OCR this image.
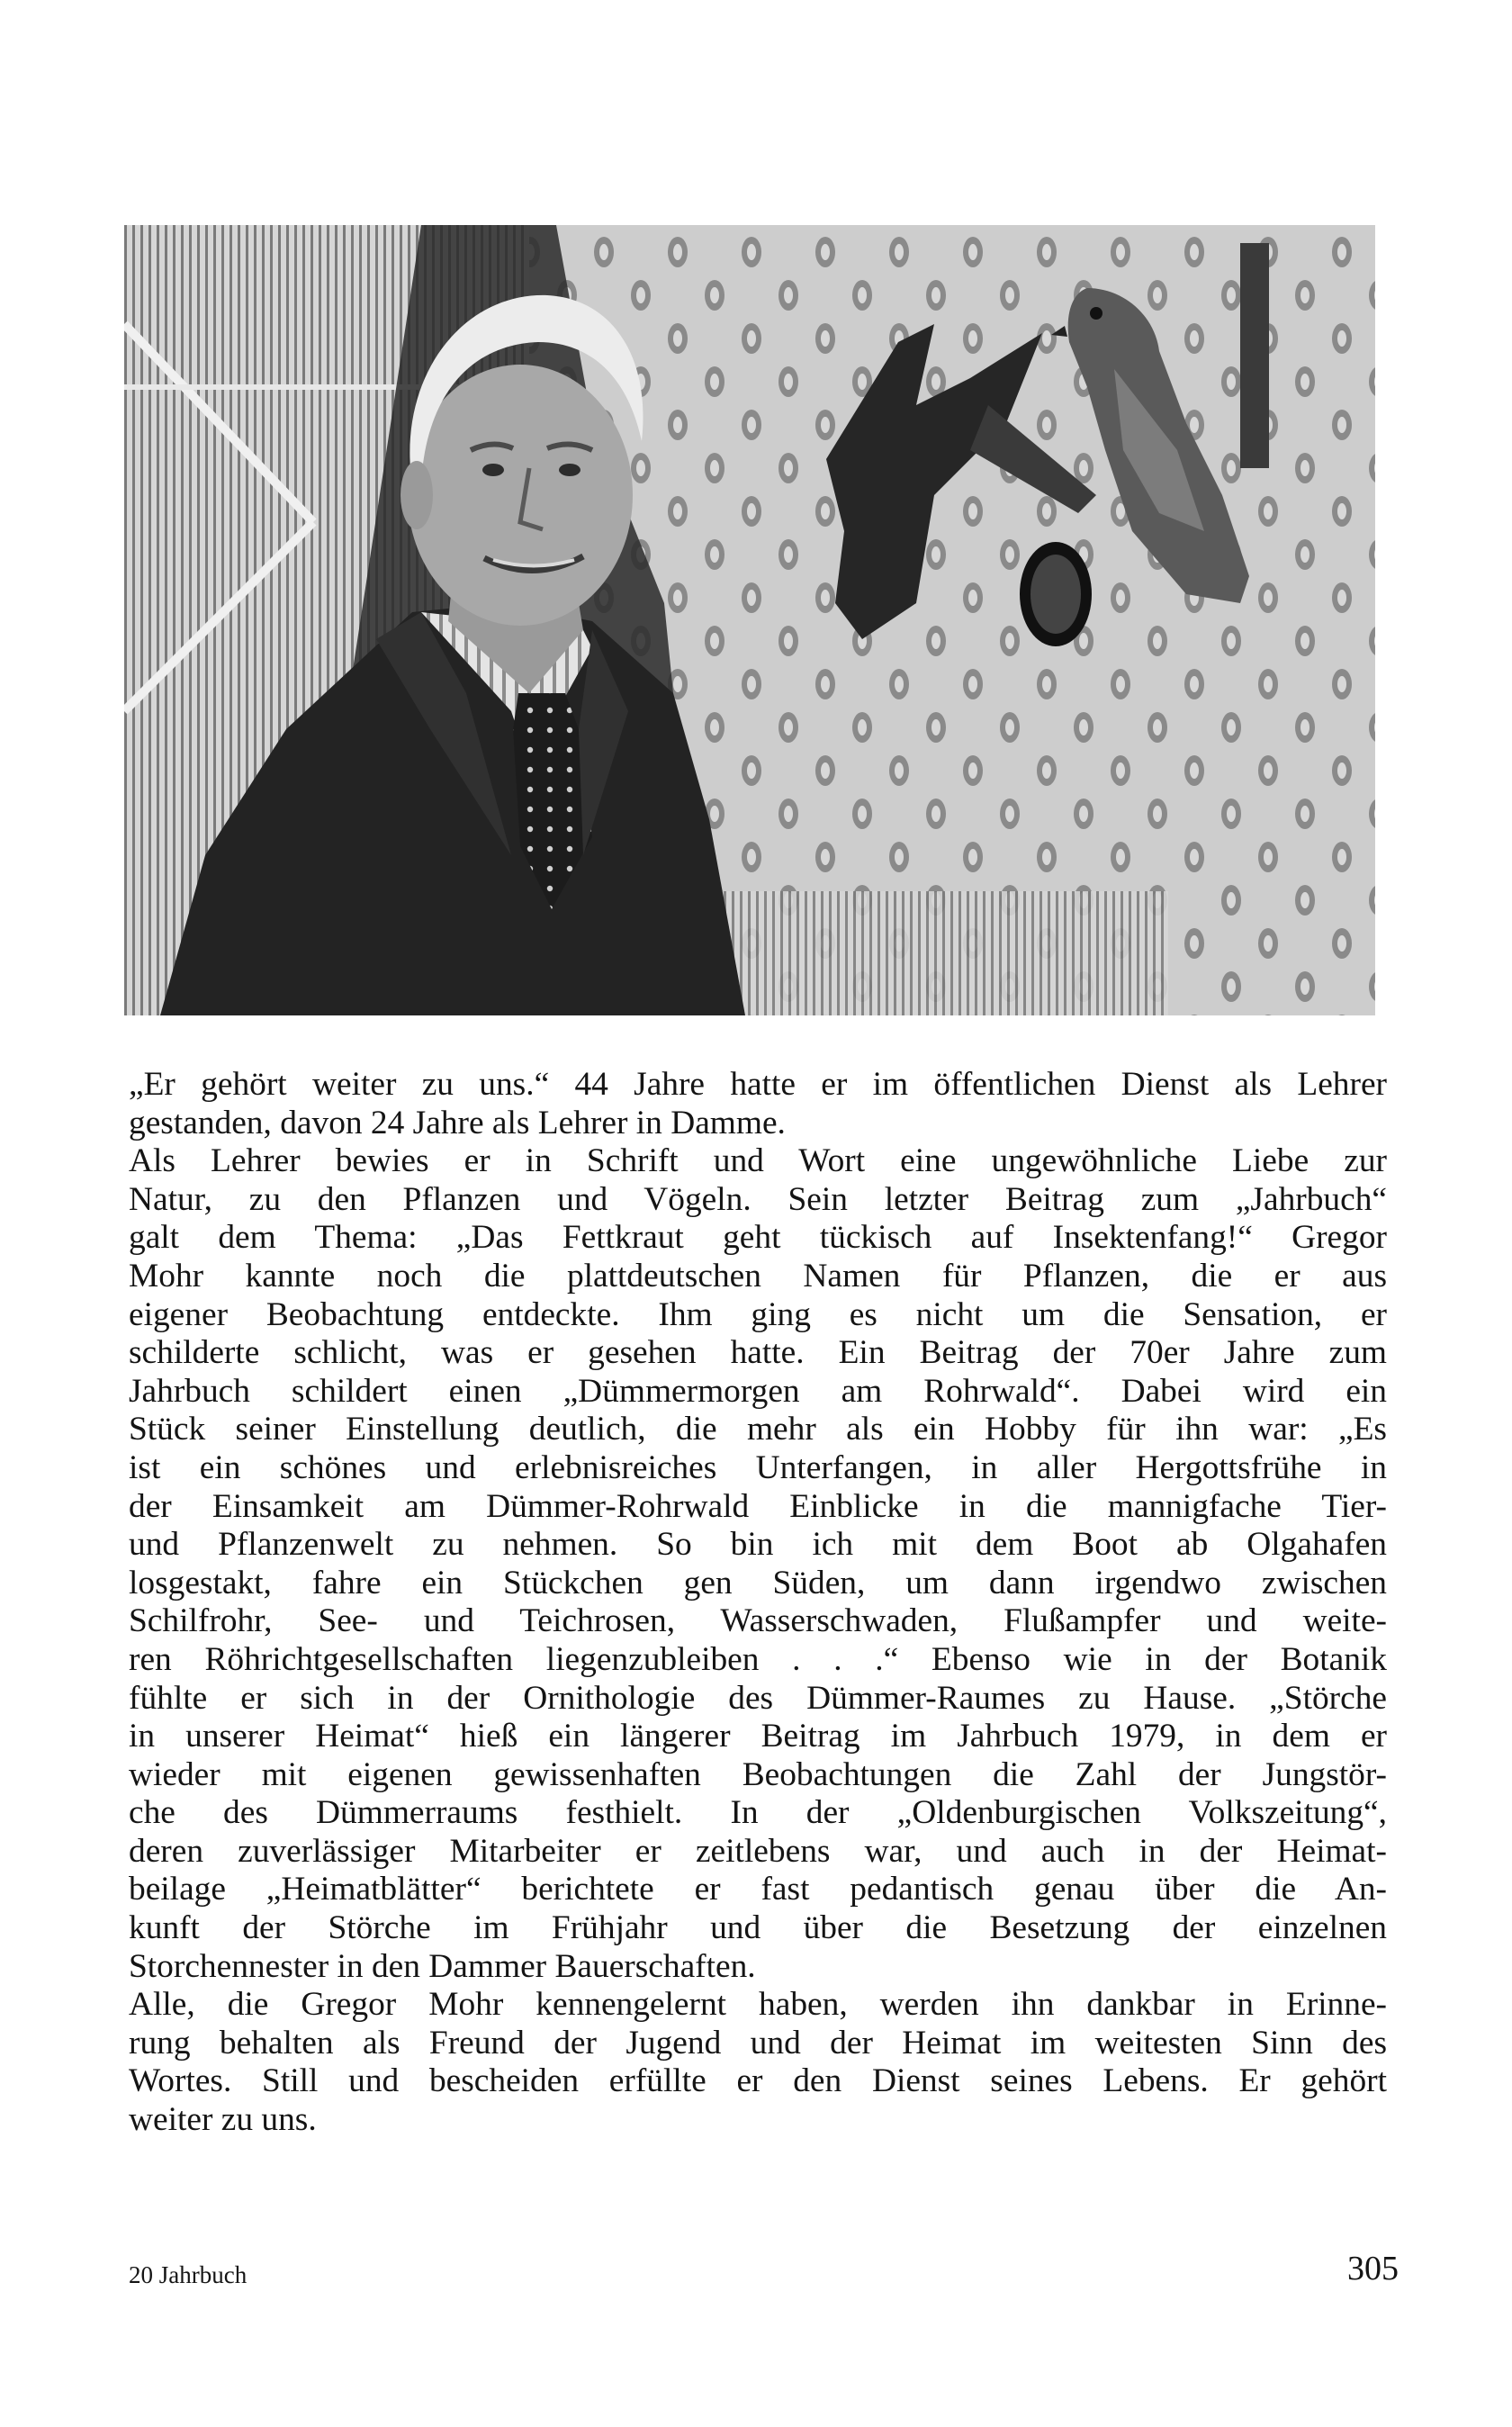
„Er gehört weiter zu uns.“ 44 Jahre hatte er im öffentlichen Dienst als Lehrer
gestanden, davon 24 Jahre als Lehrer in Damme.

Als Lehrer bewies er in Schrift und Wort eine ungewöhnliche Liebe zur
Natur, zu den Pflanzen und Vögeln. Sein letzter Beitrag zum „Jahrbuch“
galt dem Thema: „Das Fettkraut geht tückisch auf Insektenfang!“ Gregor
Mohr kannte noch die plattdeutschen Namen für Pflanzen, die er aus
eigener Beobachtung entdeckte. Ihm ging es nicht um die Sensation, er
schilderte schlicht, was er gesehen hatte. Ein Beitrag der 70er Jahre zum
Jahrbuch schildert einen „Dümmermorgen am Rohrwald“. Dabei wird ein
Stück seiner Einstellung deutlich, die mehr als ein Hobby für ihn war: „Es
ist ein schönes und erlebnisreiches Unterfangen, in aller Hergottsfrühe in
der Einsamkeit am Dümmer-Rohrwald Einblicke in die mannigfache Tier-
und Pflanzenwelt zu nehmen. So bin ich mit dem Boot ab Olgahafen
losgestakt, fahre ein Stückchen gen Süden, um dann irgendwo zwischen
Schilfrohr, See- und Teichrosen, Wasserschwaden, Flußampfer und weite-
ren Röhrichtgesellschaften liegenzubleiben . . .“ Ebenso wie in der Botanik
fühlte er sich in der Ornithologie des Dümmer-Raumes zu Hause. „Störche
in unserer Heimat“ hieß ein längerer Beitrag im Jahrbuch 1979, in dem er
wieder mit eigenen gewissenhaften Beobachtungen die Zahl der Jungstör-
che des Dümmerraums festhielt. In der „Oldenburgischen Volkszeitung“,
deren zuverlässiger Mitarbeiter er zeitlebens war, und auch in der Heimat-
beilage „Heimatblätter“ berichtete er fast pedantisch genau über die An-
kunft der Störche im Frühjahr und über die Besetzung der einzelnen
Storchennester in den Dammer Bauerschaften.

Alle, die Gregor Mohr kennengelernt haben, werden ihn dankbar in Erinne-
rung behalten als Freund der Jugend und der Heimat im weitesten Sinn des
Wortes. Still und bescheiden erfüllte er den Dienst seines Lebens. Er gehört
weiter zu uns.

20 Jahrbuch	305
